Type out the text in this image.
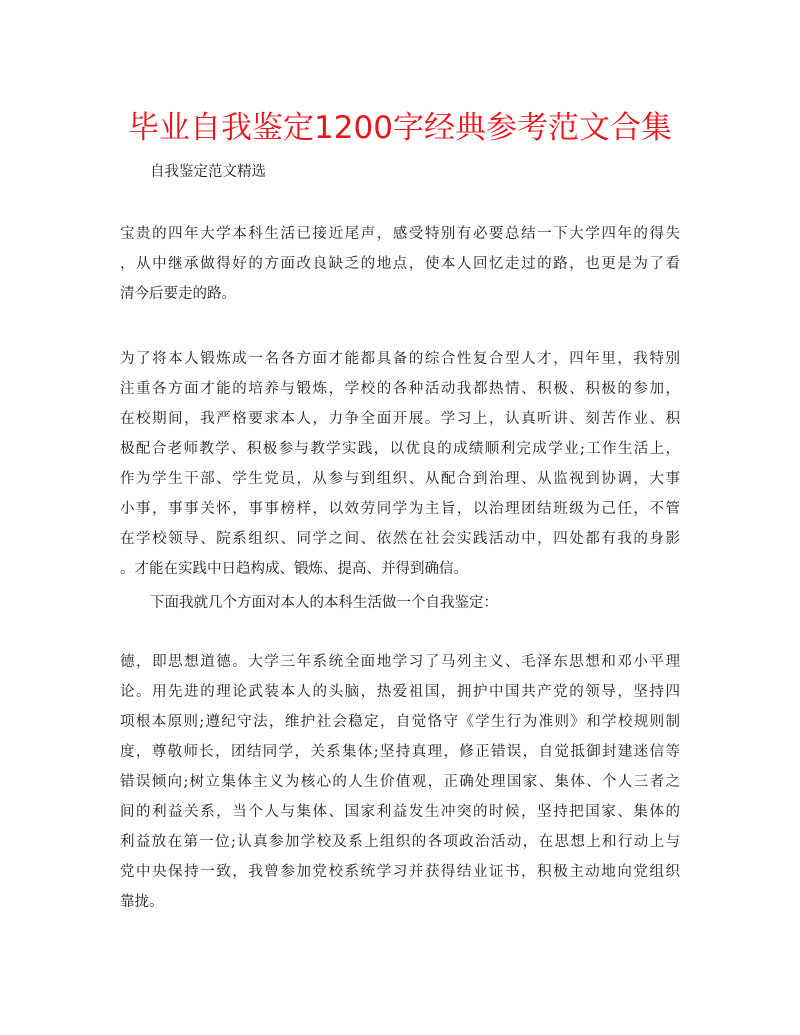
毕业自我鉴定1200字经典参考范文合集
自我鉴定范文精选
宝贵的四年大学本科生活已接近尾声，感受特别有必要总结一下大学四年的得失
，从中继承做得好的方面改良缺乏的地点，使本人回忆走过的路，也更是为了看
清今后要走的路。
为了将本人锻炼成一名各方面才能都具备的综合性复合型人才，四年里，我特别
注重各方面才能的培养与锻炼，学校的各种活动我都热情、积极、积极的参加，
在校期间，我严格要求本人，力争全面开展。学习上，认真听讲、刻苦作业、积
极配合老师教学、积极参与教学实践，以优良的成绩顺利完成学业;工作生活上，
作为学生干部、学生党员，从参与到组织、从配合到治理、从监视到协调，大事
小事，事事关怀，事事榜样，以效劳同学为主旨，以治理团结班级为己任，不管
在学校领导、院系组织、同学之间、依然在社会实践活动中，四处都有我的身影
。才能在实践中日趋构成、锻炼、提高、并得到确信。
下面我就几个方面对本人的本科生活做一个自我鉴定：
德，即思想道德。大学三年系统全面地学习了马列主义、毛泽东思想和邓小平理
论。用先进的理论武装本人的头脑，热爱祖国，拥护中国共产党的领导，坚持四
项根本原则;遵纪守法，维护社会稳定，自觉恪守《学生行为准则》和学校规则制
度，尊敬师长，团结同学，关系集体;坚持真理，修正错误，自觉抵御封建迷信等
错误倾向;树立集体主义为核心的人生价值观，正确处理国家、集体、个人三者之
间的利益关系，当个人与集体、国家利益发生冲突的时候，坚持把国家、集体的
利益放在第一位;认真参加学校及系上组织的各项政治活动，在思想上和行动上与
党中央保持一致，我曾参加党校系统学习并获得结业证书，积极主动地向党组织
靠拢。
